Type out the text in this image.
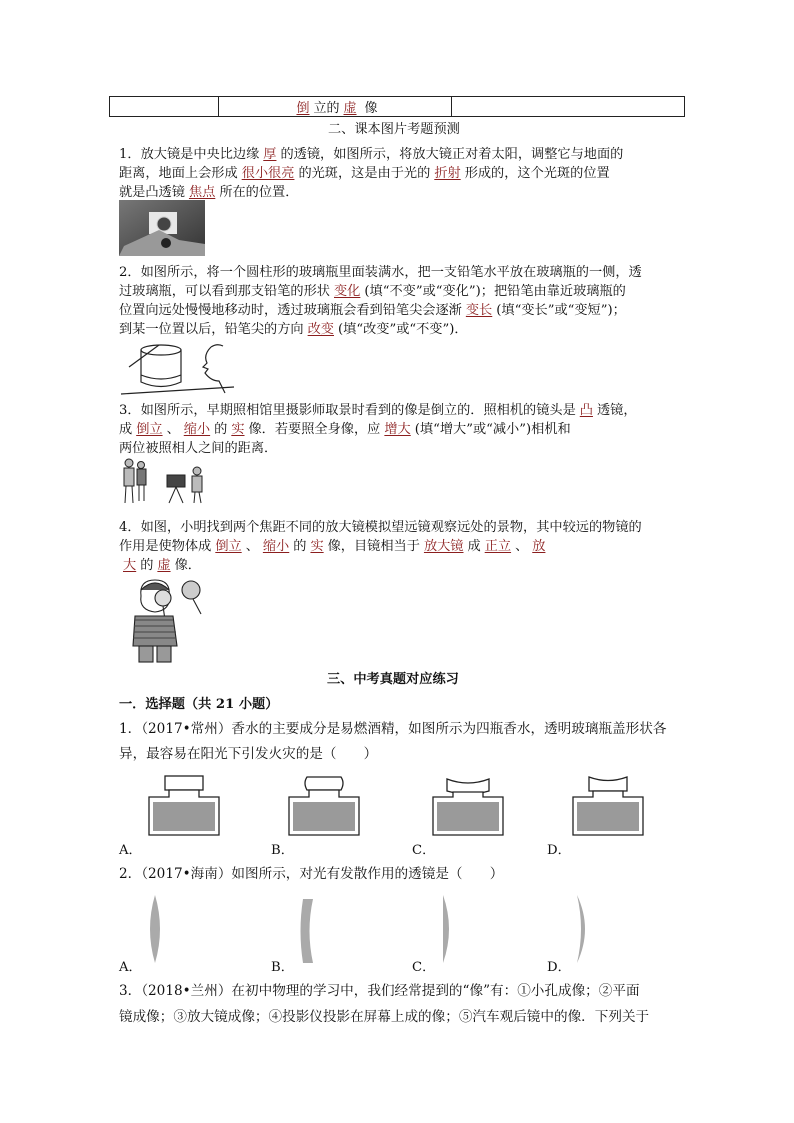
	倒 立的 虚 像	
二、课本图片考题预测
1．放大镜是中央比边缘 厚 的透镜，如图所示，将放大镜正对着太阳，调整它与地面的
距离，地面上会形成 很小很亮 的光斑，这是由于光的 折射 形成的，这个光斑的位置
就是凸透镜 焦点 所在的位置．
2．如图所示，将一个圆柱形的玻璃瓶里面装满水，把一支铅笔水平放在玻璃瓶的一侧，透
过玻璃瓶，可以看到那支铅笔的形状 变化 (填“不变”或“变化”)；把铅笔由靠近玻璃瓶的
位置向远处慢慢地移动时，透过玻璃瓶会看到铅笔尖会逐渐 变长 (填“变长”或“变短”)；
到某一位置以后，铅笔尖的方向 改变 (填“改变”或“不变”)．
3．如图所示，早期照相馆里摄影师取景时看到的像是倒立的．照相机的镜头是 凸 透镜，
成 倒立 、 缩小 的 实 像．若要照全身像，应 增大 (填“增大”或“减小”)相机和
两位被照相人之间的距离．
4．如图，小明找到两个焦距不同的放大镜模拟望远镜观察远处的景物，其中较远的物镜的
作用是使物体成 倒立 、 缩小 的 实 像，目镜相当于 放大镜 成 正立 、 放
大 的 虚 像．
三、中考真题对应练习
一．选择题（共 21 小题）
1．（2017•常州）香水的主要成分是易燃酒精，如图所示为四瓶香水，透明玻璃瓶盖形状各
异，最容易在阳光下引发火灾的是（　　）
A．	B．	C．	D．
2．（2017•海南）如图所示，对光有发散作用的透镜是（　　）
A．	B．	C．	D．
3．（2018•兰州）在初中物理的学习中，我们经常提到的“像”有：①小孔成像；②平面
镜成像；③放大镜成像；④投影仪投影在屏幕上成的像；⑤汽车观后镜中的像．下列关于
